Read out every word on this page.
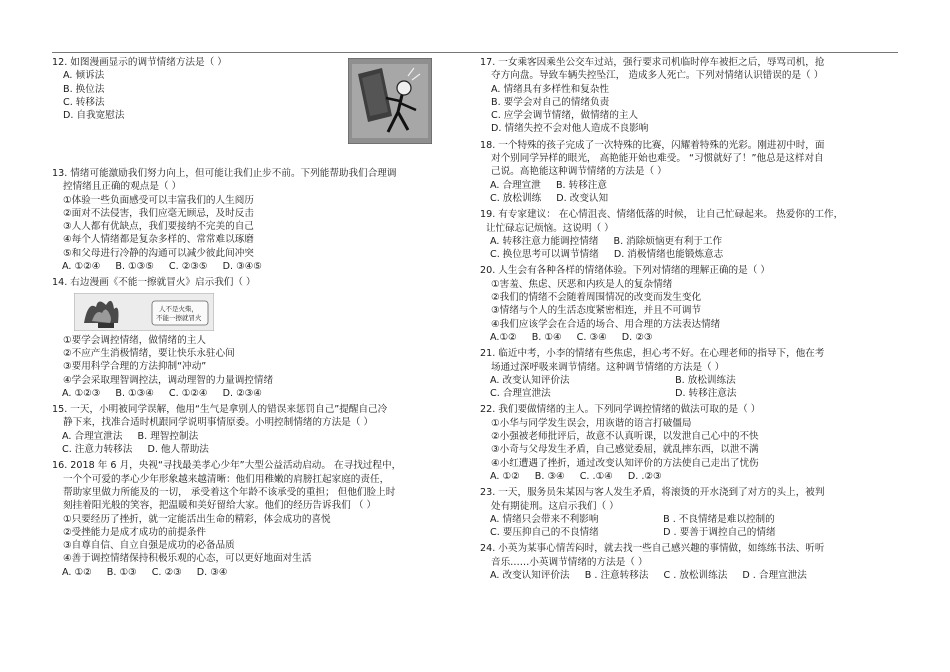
12. 如图漫画显示的调节情绪方法是（ ）
A. 倾诉法
B. 换位法
C. 转移法
D. 自我宽慰法
13. 情绪可能激励我们努力向上，但可能让我们止步不前。下列能帮助我们合理调
控情绪且正确的观点是（ ）
①体验一些负面感受可以丰富我们的人生阅历
②面对不法侵害，我们应毫无顾忌，及时反击
③人人都有优缺点，我们要接纳不完美的自己
④每个人情绪都是复杂多样的、常常难以琢磨
⑤和父母进行冷静的沟通可以减少彼此间冲突
A. ①②④ B. ①③⑤ C. ②③⑤ D. ③④⑤
14. 右边漫画《不能一擦就冒火》启示我们（ ）
人不是火柴，
不能一擦就冒火
①要学会调控情绪，做情绪的主人
②不应产生消极情绪，要让快乐永驻心间
③要用科学合理的方法抑制“冲动”
④学会采取理智调控法，调动理智的力量调控情绪
A. ①②③ B. ①③④ C. ①②④ D. ②③④
15. 一天，小明被同学误解，他用“生气是拿别人的错误来惩罚自己”提醒自己冷
静下来，找准合适时机跟同学说明事情原委。小明控制情绪的方法是（ ）
A. 合理宣泄法 B. 理智控制法
C. 注意力转移法 D. 他人帮助法
16. 2018 年 6 月，央视“寻找最美孝心少年”大型公益活动启动。 在寻找过程中，
一个个可爱的孝心少年形象越来越清晰：他们用稚嫩的肩膀扛起家庭的责任，
帮助家里做力所能及的一切， 承受着这个年龄不该承受的重担； 但他们脸上时
刻挂着阳光般的笑容，把温暖和美好留给大家。他们的经历告诉我们 （ ）
①只要经历了挫折，就一定能活出生命的精彩，体会成功的喜悦
②受挫能力是成才成功的前提条件
③自尊自信、自立自强是成功的必备品质
④善于调控情绪保持积极乐观的心态，可以更好地面对生活
A. ①② B. ①③ C. ②③ D. ③④
17. 一女乘客因乘坐公交车过站，强行要求司机临时停车被拒之后，辱骂司机，抢
夺方向盘。导致车辆失控坠江， 造成多人死亡。下列对情绪认识错误的是（ ）
A. 情绪具有多样性和复杂性
B. 要学会对自己的情绪负责
C. 应学会调节情绪，做情绪的主人
D. 情绪失控不会对他人造成不良影响
18. 一个特殊的孩子完成了一次特殊的比赛，闪耀着特殊的光彩。刚进初中时，面
对个别同学异样的眼光， 高艳能开始也难受。 “习惯就好了！”他总是这样对自
己说。高艳能这种调节情绪的方法是（ ）
A. 合理宣泄 B. 转移注意
C. 放松训练 D. 改变认知
19. 有专家建议： 在心情沮丧、情绪低落的时候， 让自己忙碌起来。 热爱你的工作，
让忙碌忘记烦恼。这说明（ ）
A. 转移注意力能调控情绪 B. 消除烦恼更有利于工作
C. 换位思考可以调节情绪 D. 消极情绪也能锻炼意志
20. 人生会有各种各样的情绪体验。下列对情绪的理解正确的是（ ）
①害羞、焦虑、厌恶和内疚是人的复杂情绪
②我们的情绪不会随着周围情况的改变而发生变化
③情绪与个人的生活态度紧密相连，并且不可调节
④我们应该学会在合适的场合、用合理的方法表达情绪
A.①② B. ①④ C. ③④ D. ②③
21. 临近中考，小李的情绪有些焦虑，担心考不好。在心理老师的指导下，他在考
场通过深呼吸来调节情绪。这种调节情绪的方法是（ ）
A. 改变认知评价法	B. 放松训练法
C. 合理宣泄法	D. 转移注意法
22. 我们要做情绪的主人。下列同学调控情绪的做法可取的是（ ）
①小华与同学发生误会，用诙谐的语言打破僵局
②小强被老师批评后，故意不认真听课，以发泄自己心中的不快
③小奇与父母发生矛盾，自己感觉委屈，就乱摔东西，以泄不满
④小红遭遇了挫折，通过改变认知评价的方法使自己走出了忧伤
A. ①② B. ③④ C. .①④ D. .②③
23. 一天，服务员朱某因与客人发生矛盾，将滚烫的开水浇到了对方的头上，被判
处有期徒刑。这启示我们（ ）
A. 情绪只会带来不利影响	B . 不良情绪是难以控制的
C. 要压抑自己的不良情绪	D . 要善于调控自己的情绪
24. 小英为某事心情苦闷时，就去找一些自己感兴趣的事情做，如练练书法、听听
音乐……小英调节情绪的方法是（ ）
A. 改变认知评价法 B . 注意转移法 C . 放松训练法 D . 合理宣泄法
